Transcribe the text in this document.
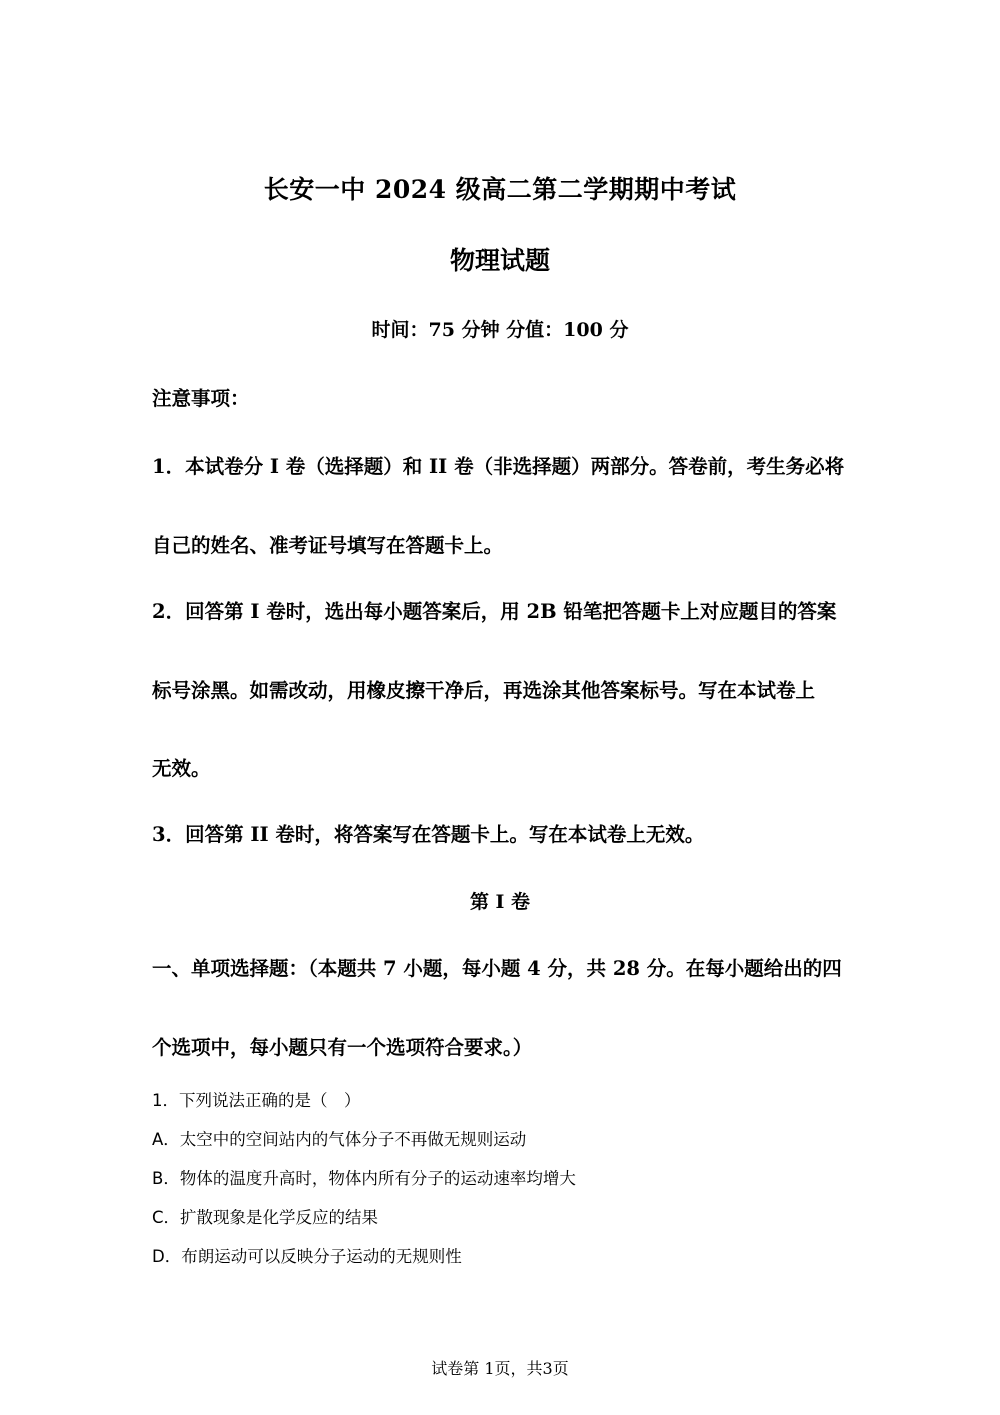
长安一中 2024 级高二第二学期期中考试
物理试题
时间：75 分钟 分值：100 分
注意事项：
1．本试卷分 I 卷（选择题）和 II 卷（非选择题）两部分。答卷前，考生务必将
自己的姓名、准考证号填写在答题卡上。
2．回答第 I 卷时，选出每小题答案后，用 2B 铅笔把答题卡上对应题目的答案
标号涂黑。如需改动，用橡皮擦干净后，再选涂其他答案标号。写在本试卷上
无效。
3．回答第 II 卷时，将答案写在答题卡上。写在本试卷上无效。
第 I 卷
一、单项选择题：（本题共 7 小题，每小题 4 分，共 28 分。在每小题给出的四
个选项中，每小题只有一个选项符合要求。）
1．下列说法正确的是（　）
A．太空中的空间站内的气体分子不再做无规则运动
B．物体的温度升高时，物体内所有分子的运动速率均增大
C．扩散现象是化学反应的结果
D．布朗运动可以反映分子运动的无规则性
试卷第 1页，共3页
